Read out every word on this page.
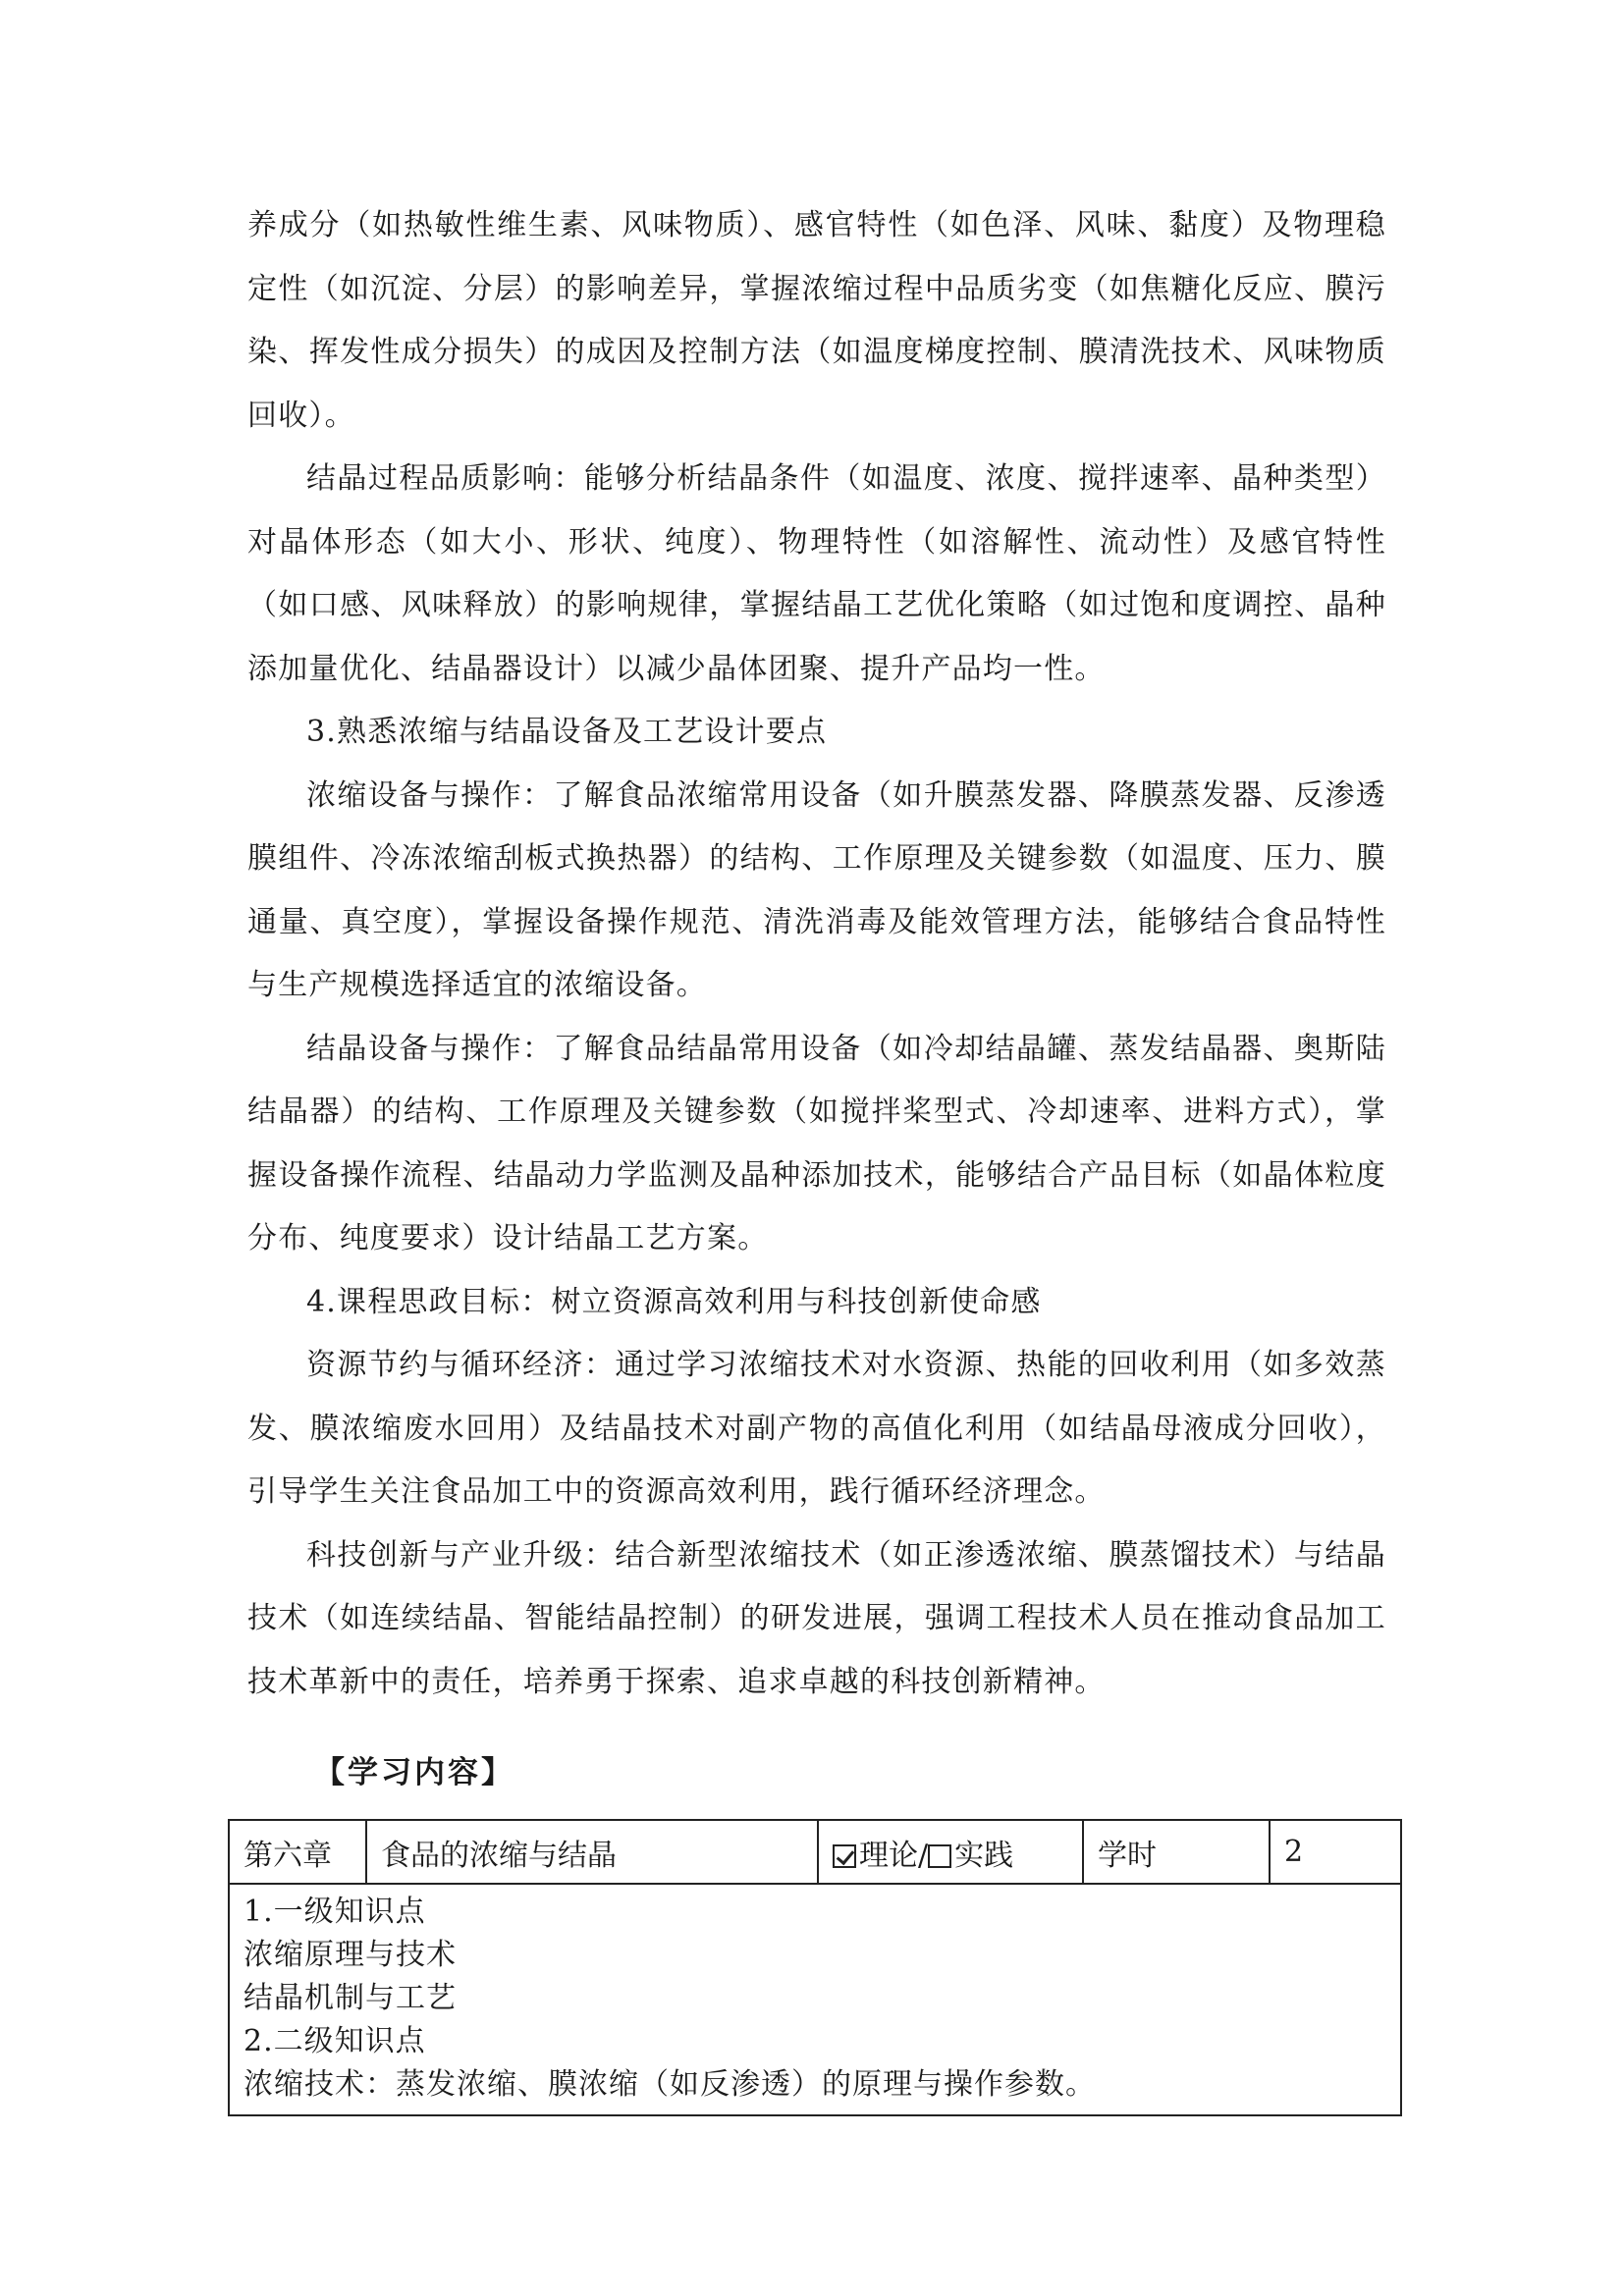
养成分（如热敏性维生素、风味物质）、感官特性（如色泽、风味、黏度）及物理稳定性（如沉淀、分层）的影响差异，掌握浓缩过程中品质劣变（如焦糖化反应、膜污染、挥发性成分损失）的成因及控制方法（如温度梯度控制、膜清洗技术、风味物质回收）。

结晶过程品质影响：能够分析结晶条件（如温度、浓度、搅拌速率、晶种类型）对晶体形态（如大小、形状、纯度）、物理特性（如溶解性、流动性）及感官特性（如口感、风味释放）的影响规律，掌握结晶工艺优化策略（如过饱和度调控、晶种添加量优化、结晶器设计）以减少晶体团聚、提升产品均一性。

3.熟悉浓缩与结晶设备及工艺设计要点

浓缩设备与操作：了解食品浓缩常用设备（如升膜蒸发器、降膜蒸发器、反渗透膜组件、冷冻浓缩刮板式换热器）的结构、工作原理及关键参数（如温度、压力、膜通量、真空度），掌握设备操作规范、清洗消毒及能效管理方法，能够结合食品特性与生产规模选择适宜的浓缩设备。

结晶设备与操作：了解食品结晶常用设备（如冷却结晶罐、蒸发结晶器、奥斯陆结晶器）的结构、工作原理及关键参数（如搅拌桨型式、冷却速率、进料方式），掌握设备操作流程、结晶动力学监测及晶种添加技术，能够结合产品目标（如晶体粒度分布、纯度要求）设计结晶工艺方案。

4.课程思政目标：树立资源高效利用与科技创新使命感

资源节约与循环经济：通过学习浓缩技术对水资源、热能的回收利用（如多效蒸发、膜浓缩废水回用）及结晶技术对副产物的高值化利用（如结晶母液成分回收），引导学生关注食品加工中的资源高效利用，践行循环经济理念。

科技创新与产业升级：结合新型浓缩技术（如正渗透浓缩、膜蒸馏技术）与结晶技术（如连续结晶、智能结晶控制）的研发进展，强调工程技术人员在推动食品加工技术革新中的责任，培养勇于探索、追求卓越的科技创新精神。

【学习内容】
第六章	食品的浓缩与结晶	理论/ 实践	学时	2

1.一级知识点
浓缩原理与技术
结晶机制与工艺
2.二级知识点
浓缩技术：蒸发浓缩、膜浓缩（如反渗透）的原理与操作参数。
